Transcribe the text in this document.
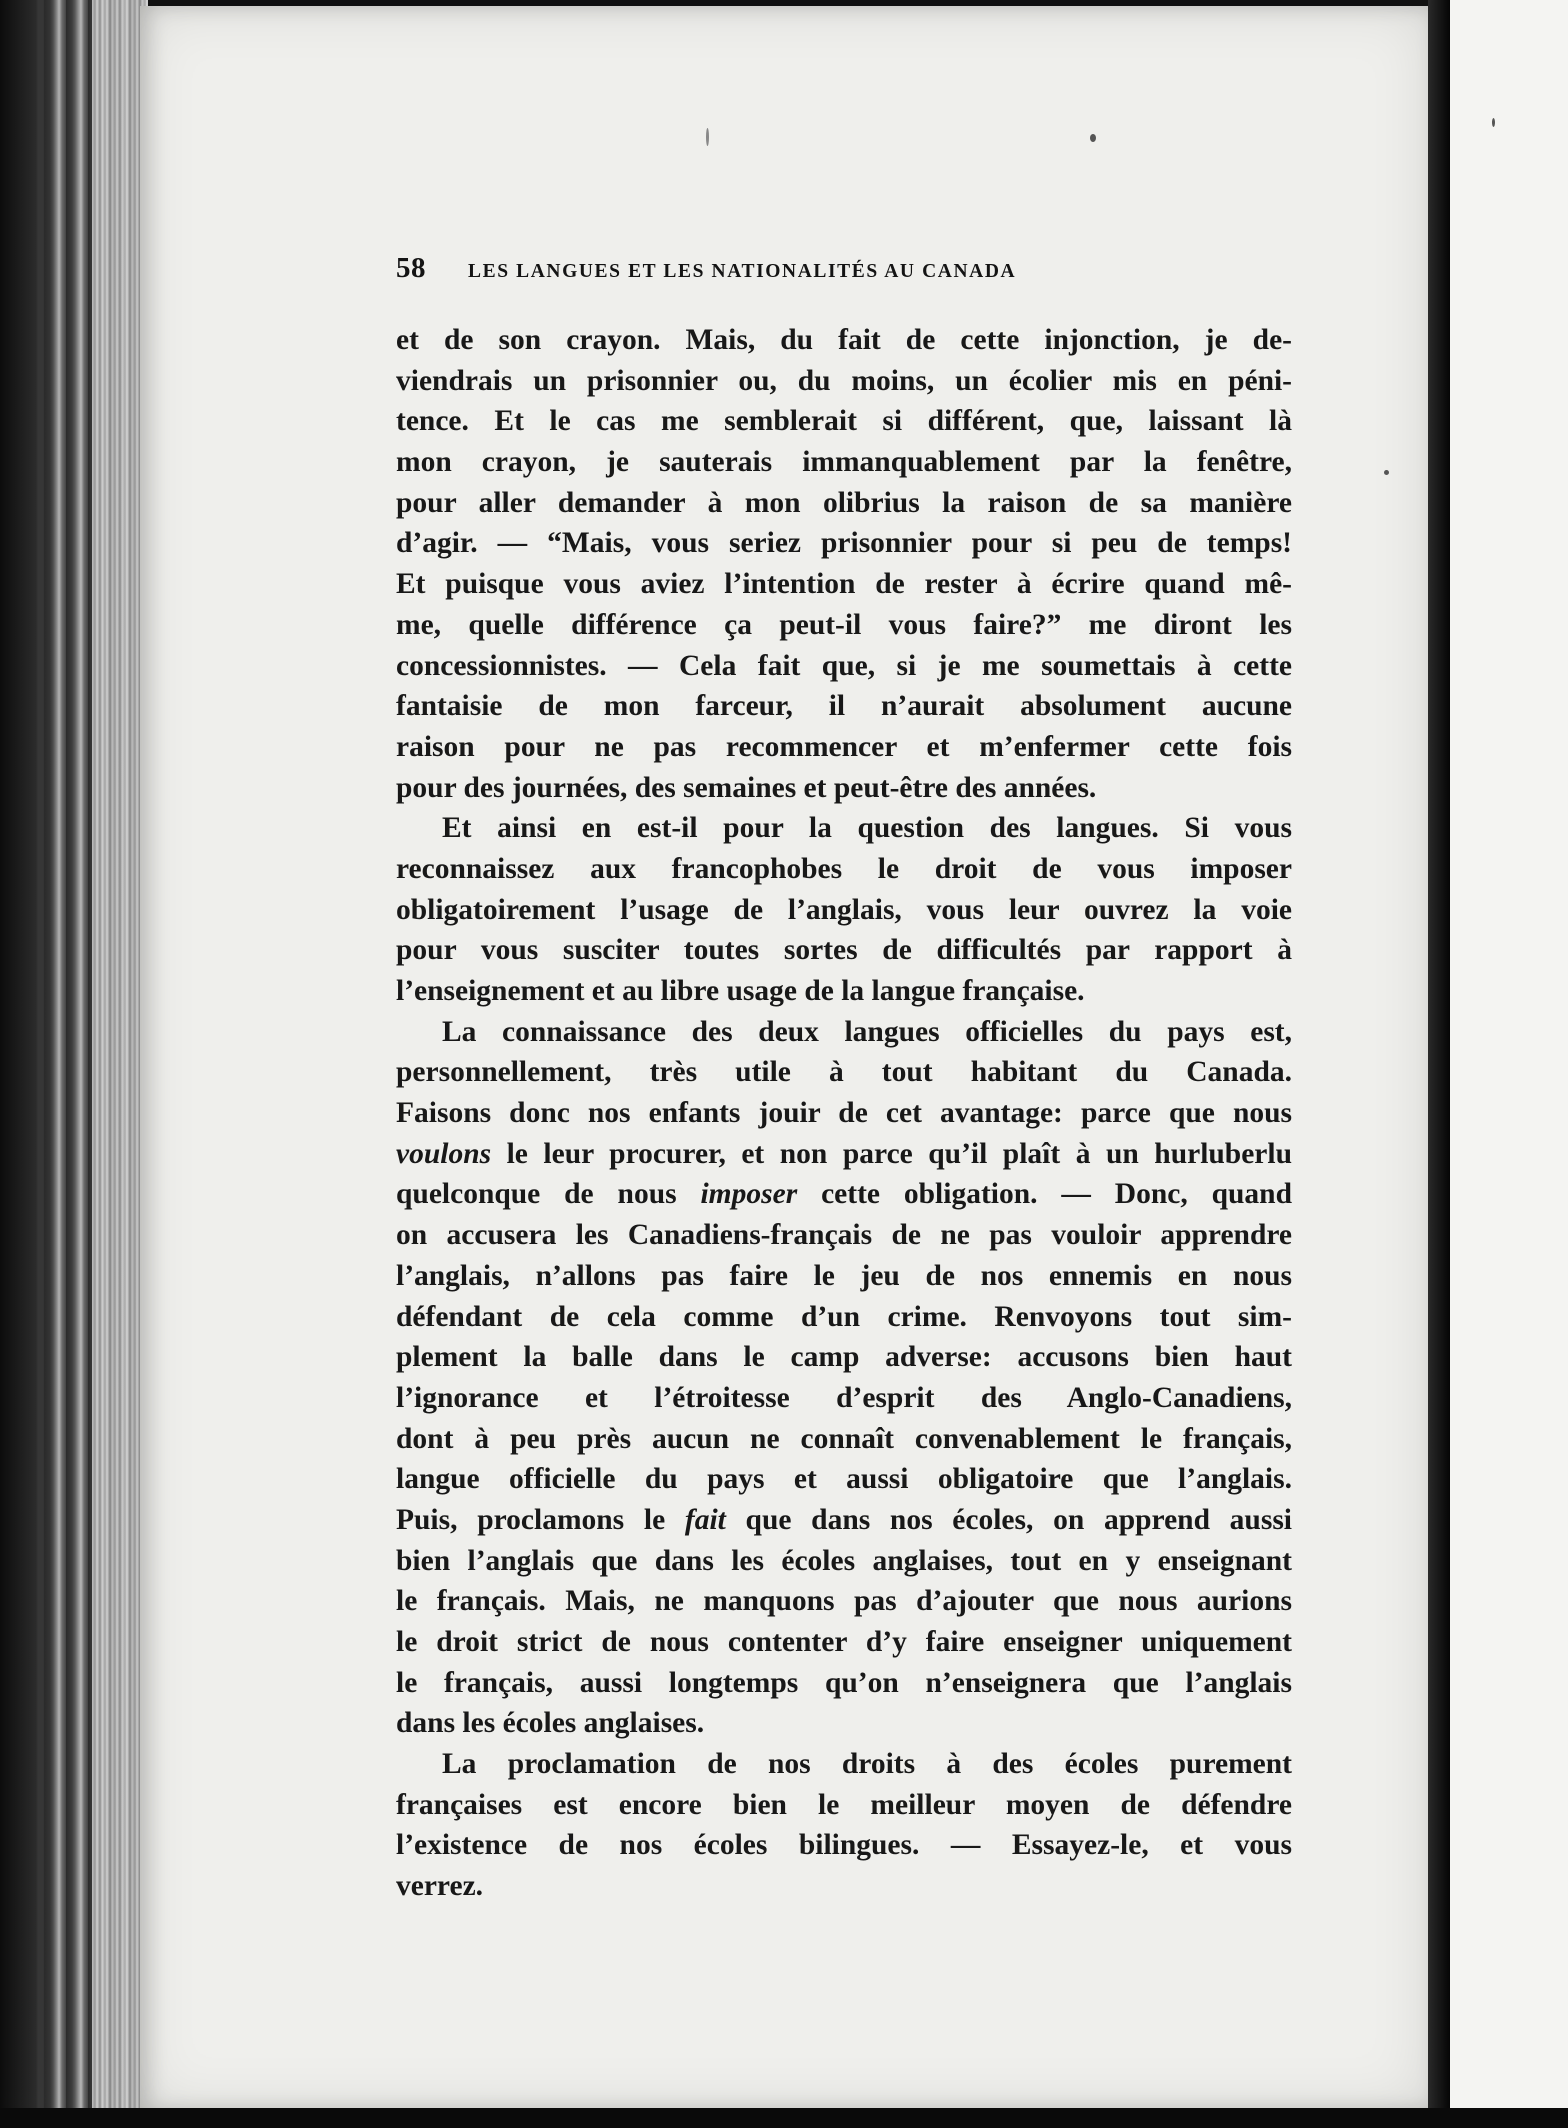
58 LES LANGUES ET LES NATIONALITÉS AU CANADA
et de son crayon. Mais, du fait de cette injonction, je de-
viendrais un prisonnier ou, du moins, un écolier mis en péni-
tence. Et le cas me semblerait si différent, que, laissant là
mon crayon, je sauterais immanquablement par la fenêtre,
pour aller demander à mon olibrius la raison de sa manière
d’agir. — “Mais, vous seriez prisonnier pour si peu de temps!
Et puisque vous aviez l’intention de rester à écrire quand mê-
me, quelle différence ça peut-il vous faire?” me diront les
concessionnistes. — Cela fait que, si je me soumettais à cette
fantaisie de mon farceur, il n’aurait absolument aucune
raison pour ne pas recommencer et m’enfermer cette fois
pour des journées, des semaines et peut-être des années.
Et ainsi en est-il pour la question des langues. Si vous
reconnaissez aux francophobes le droit de vous imposer
obligatoirement l’usage de l’anglais, vous leur ouvrez la voie
pour vous susciter toutes sortes de difficultés par rapport à
l’enseignement et au libre usage de la langue française.
La connaissance des deux langues officielles du pays est,
personnellement, très utile à tout habitant du Canada.
Faisons donc nos enfants jouir de cet avantage: parce que nous
voulons le leur procurer, et non parce qu’il plaît à un hurluberlu
quelconque de nous imposer cette obligation. — Donc, quand
on accusera les Canadiens-français de ne pas vouloir apprendre
l’anglais, n’allons pas faire le jeu de nos ennemis en nous
défendant de cela comme d’un crime. Renvoyons tout sim-
plement la balle dans le camp adverse: accusons bien haut
l’ignorance et l’étroitesse d’esprit des Anglo-Canadiens,
dont à peu près aucun ne connaît convenablement le français,
langue officielle du pays et aussi obligatoire que l’anglais.
Puis, proclamons le fait que dans nos écoles, on apprend aussi
bien l’anglais que dans les écoles anglaises, tout en y enseignant
le français. Mais, ne manquons pas d’ajouter que nous aurions
le droit strict de nous contenter d’y faire enseigner uniquement
le français, aussi longtemps qu’on n’enseignera que l’anglais
dans les écoles anglaises.
La proclamation de nos droits à des écoles purement
françaises est encore bien le meilleur moyen de défendre
l’existence de nos écoles bilingues. — Essayez-le, et vous
verrez.
